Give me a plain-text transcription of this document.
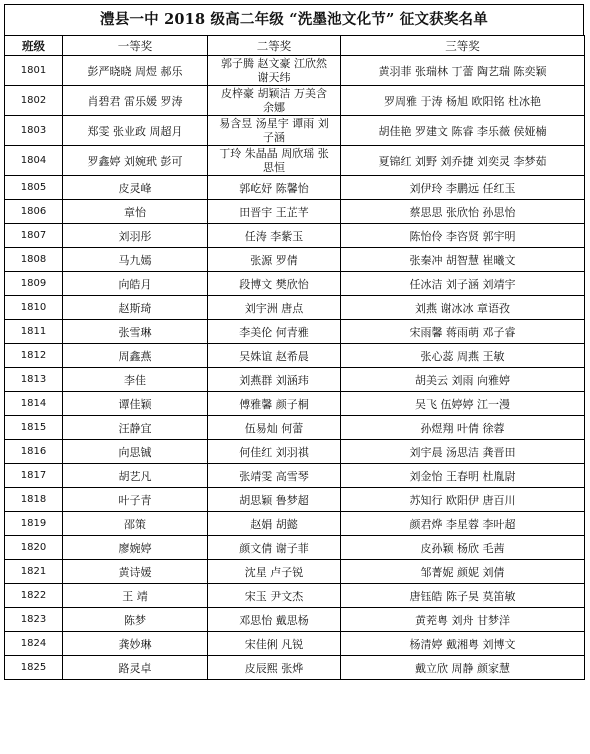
澧县一中 2018 级高二年级 “洗墨池文化节” 征文获奖名单
班级	一等奖	二等奖	三等奖
1801	彭严晓晓 周煜 郝乐	郭子腾 赵文豪 江欣然 谢天纬	黄羽菲 张瑞林 丁蕾 陶艺瑞 陈奕颖
1802	肖碧君 雷乐媛 罗涛	皮梓豪 胡颖洁 万美含 余娜	罗周雅 于涛 杨旭 欧阳铭 杜冰艳
1803	郑雯 张业政 周超月	易含昱 汤星宇 谭雨 刘子涵	胡佳艳 罗建文 陈睿 李乐薇 侯娅楠
1804	罗鑫婷 刘婉玳 彭可	丁玲 朱晶晶 周欣瑶 张思恒	夏锦红 刘野 刘乔捷 刘奕灵 李梦茹
1805	皮灵峰	郭屹妤 陈馨怡	刘伊玲 李鹏远 任红玉
1806	章怡	田晋宇 王芷芊	蔡思思 张欣怡 孙思怡
1807	刘羽彤	任涛 李紫玉	陈怡伶 李咨贤 郭宇明
1808	马九嫣	张源 罗倩	张秦冲 胡智慧 崔曦文
1809	向皓月	段博文 樊欣怡	任冰洁 刘子涵 刘靖宇
1810	赵斯琦	刘宇洲 唐点	刘燕 谢冰冰 章语孜
1811	张雪琳	李美伦 何青雅	宋雨馨 蒋雨萌 邓子睿
1812	周鑫燕	吴姝谊 赵希晨	张心蕊 周燕 王敏
1813	李佳	刘燕群 刘涵玮	胡美云 刘雨 向雅婷
1814	谭佳颖	傅雅馨 颜子桐	吴飞 伍婷婷 江一漫
1815	汪静宜	伍易灿 何蕾	孙煜翔 叶倩 徐蓉
1816	向思铖	何佳红 刘羽祺	刘宇晨 汤思洁 龚晋田
1817	胡艺凡	张靖雯 高雪琴	刘金怡 王春明 杜胤尉
1818	叶子青	胡思颖 鲁梦超	苏知行 欧阳伊 唐百川
1819	邵策	赵娟 胡懿	颜君烨 李星蓉 李叶超
1820	廖婉婷	颜文倩 谢子菲	皮孙颖 杨欣 毛茜
1821	黄诗媛	沈星 卢子锐	邹菁妮 颜妮 刘倩
1822	王 靖	宋玉 尹文杰	唐钰皓 陈子昊 莫笛敏
1823	陈梦	邓思怡 戴思杨	黄茺粤 刘舟 甘梦洋
1824	龚妙琳	宋佳俐 凡锐	杨清婷 戴湘粤 刘博文
1825	路灵卓	皮辰熙 张烨	戴立欣 周静 颜家慧
